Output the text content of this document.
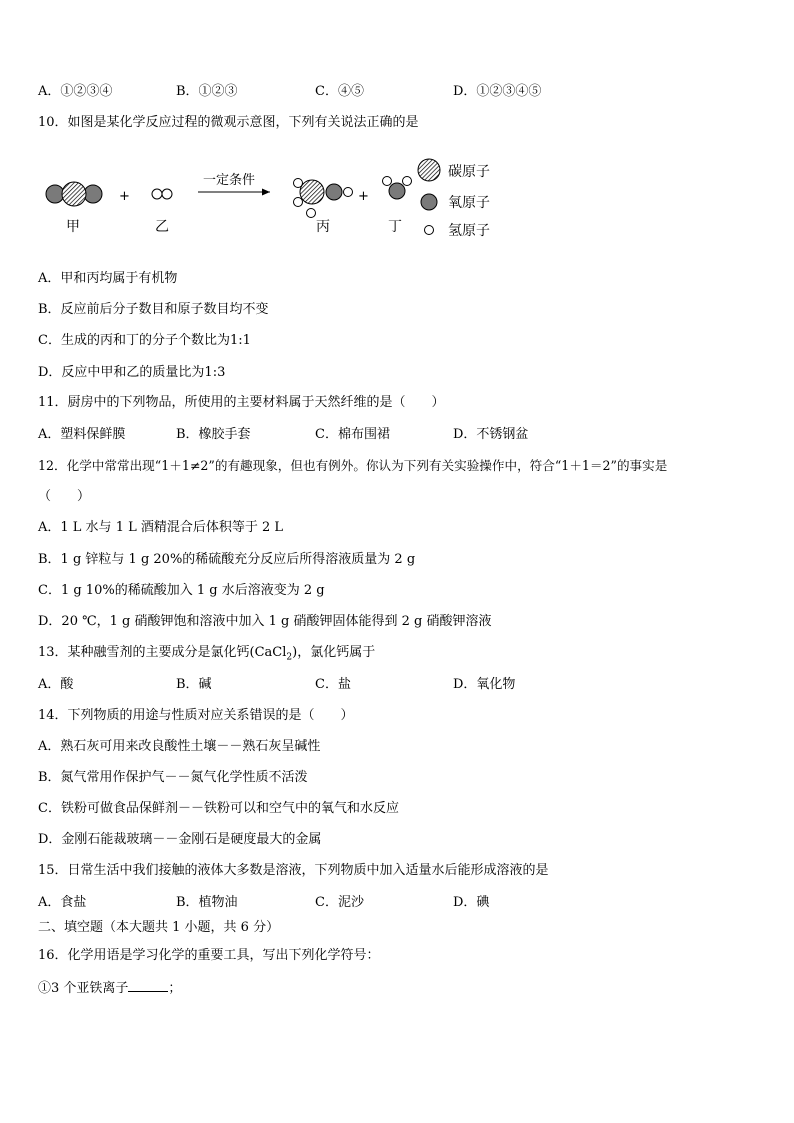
A．①②③④	B．①②③	C．④⑤	D．①②③④⑤
10．如图是某化学反应过程的微观示意图，下列有关说法正确的是
甲
+
乙
一定条件
丙
+
丁
碳原子
氧原子
氢原子
A．甲和丙均属于有机物
B．反应前后分子数目和原子数目均不变
C．生成的丙和丁的分子个数比为1:1
D．反应中甲和乙的质量比为1:3
11．厨房中的下列物品，所使用的主要材料属于天然纤维的是（　　）
A．塑料保鲜膜	B．橡胶手套	C．棉布围裙	D．不锈钢盆
12．化学中常常出现“1＋1≠2”的有趣现象，但也有例外。你认为下列有关实验操作中，符合“1＋1＝2”的事实是
（　　）
A．1 L 水与 1 L 酒精混合后体积等于 2 L
B．1 g 锌粒与 1 g 20%的稀硫酸充分反应后所得溶液质量为 2 g
C．1 g 10%的稀硫酸加入 1 g 水后溶液变为 2 g
D．20 ℃，1 g 硝酸钾饱和溶液中加入 1 g 硝酸钾固体能得到 2 g 硝酸钾溶液
13．某种融雪剂的主要成分是氯化钙(CaCl$_2$)，氯化钙属于
A．酸	B．碱	C．盐	D．氧化物
14．下列物质的用途与性质对应关系错误的是（　　）
A．熟石灰可用来改良酸性土壤－－熟石灰呈碱性
B．氮气常用作保护气－－氮气化学性质不活泼
C．铁粉可做食品保鲜剂－－铁粉可以和空气中的氧气和水反应
D．金刚石能裁玻璃－－金刚石是硬度最大的金属
15．日常生活中我们接触的液体大多数是溶液，下列物质中加入适量水后能形成溶液的是
A．食盐	B．植物油	C．泥沙	D．碘
二、填空题（本大题共 1 小题，共 6 分）
16．化学用语是学习化学的重要工具，写出下列化学符号：
①3 个亚铁离子	；
